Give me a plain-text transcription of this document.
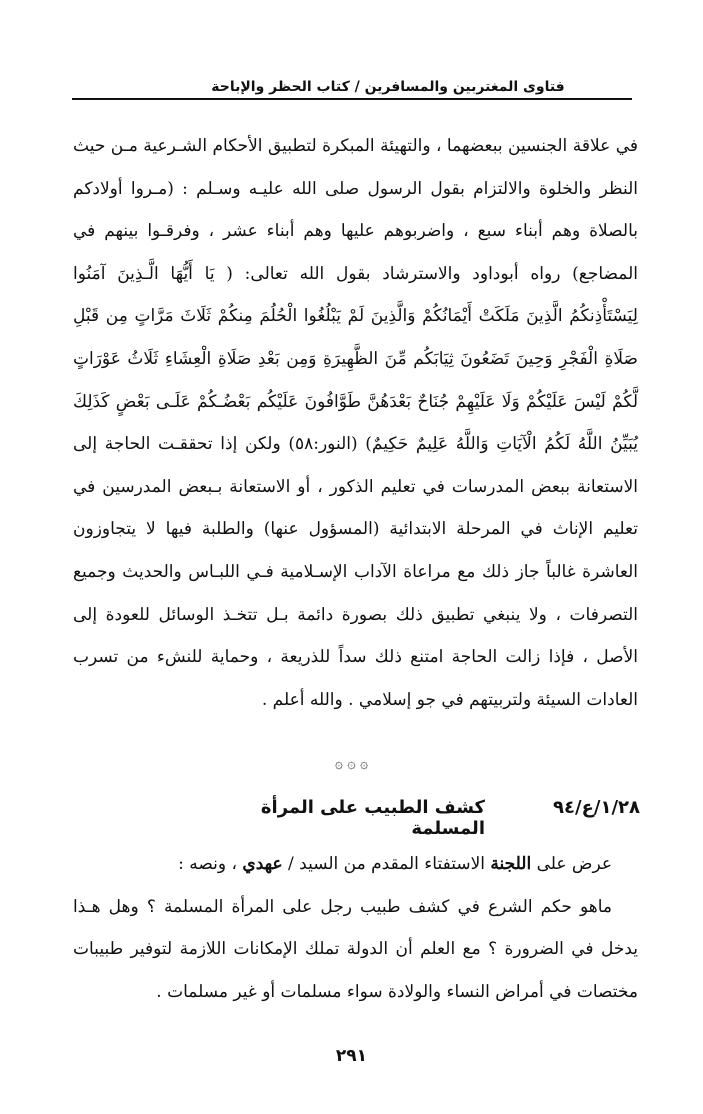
فتاوى المغتربين والمسافرين / كتاب الحظر والإباحة
في علاقة الجنسين ببعضهما ، والتهيئة المبكرة لتطبيق الأحكام الشـرعية مـن حيث النظر والخلوة والالتزام بقول الرسول صلى الله عليـه وسـلم : (مـروا أولادكم بالصلاة وهم أبناء سبع ، واضربوهم عليها وهم أبناء عشر ، وفرقـوا بينهم في المضاجع) رواه أبوداود والاسترشاد بقول الله تعالى: ( يَا أَيُّهَا الَّـذِينَ آمَنُوا لِيَسْتَأْذِنكُمُ الَّذِينَ مَلَكَتْ أَيْمَانُكُمْ وَالَّذِينَ لَمْ يَبْلُغُوا الْحُلُمَ مِنكُمْ ثَلَاثَ مَرَّاتٍ مِن قَبْلِ صَلَاةِ الْفَجْرِ وَحِينَ تَضَعُونَ ثِيَابَكُم مِّنَ الظَّهِيرَةِ وَمِن بَعْدِ صَلَاةِ الْعِشَاءِ ثَلَاثُ عَوْرَاتٍ لَّكُمْ لَيْسَ عَلَيْكُمْ وَلَا عَلَيْهِمْ جُنَاحٌ بَعْدَهُنَّ طَوَّافُونَ عَلَيْكُم بَعْضُـكُمْ عَلَـى بَعْضٍ كَذَلِكَ يُبَيِّنُ اللَّهُ لَكُمُ الْآيَاتِ وَاللَّهُ عَلِيمٌ حَكِيمٌ) (النور:٥٨) ولكن إذا تحققـت الحاجة إلى الاستعانة ببعض المدرسات في تعليم الذكور ، أو الاستعانة بـبعض المدرسين في تعليم الإناث في المرحلة الابتدائية (المسؤول عنها) والطلبة فيها لا يتجاوزون العاشرة غالباً جاز ذلك مع مراعاة الآداب الإسـلامية فـي اللبـاس والحديث وجميع التصرفات ، ولا ينبغي تطبيق ذلك بصورة دائمة بـل تتخـذ الوسائل للعودة إلى الأصل ، فإذا زالت الحاجة امتنع ذلك سداً للذريعة ، وحماية للنشء من تسرب العادات السيئة ولتربيتهم في جو إسلامي . والله أعلم .
۞ ۞ ۞
١/٢٨/ع/٩٤
كشف الطبيب على المرأة المسلمة
عرض على اللجنة الاستفتاء المقدم من السيد / عهدي ، ونصه :
ماهو حكم الشرع في كشف طبيب رجل على المرأة المسلمة ؟ وهل هـذا يدخل في الضرورة ؟ مع العلم أن الدولة تملك الإمكانات اللازمة لتوفير طبيبات مختصات في أمراض النساء والولادة سواء مسلمات أو غير مسلمات .
٢٩١
